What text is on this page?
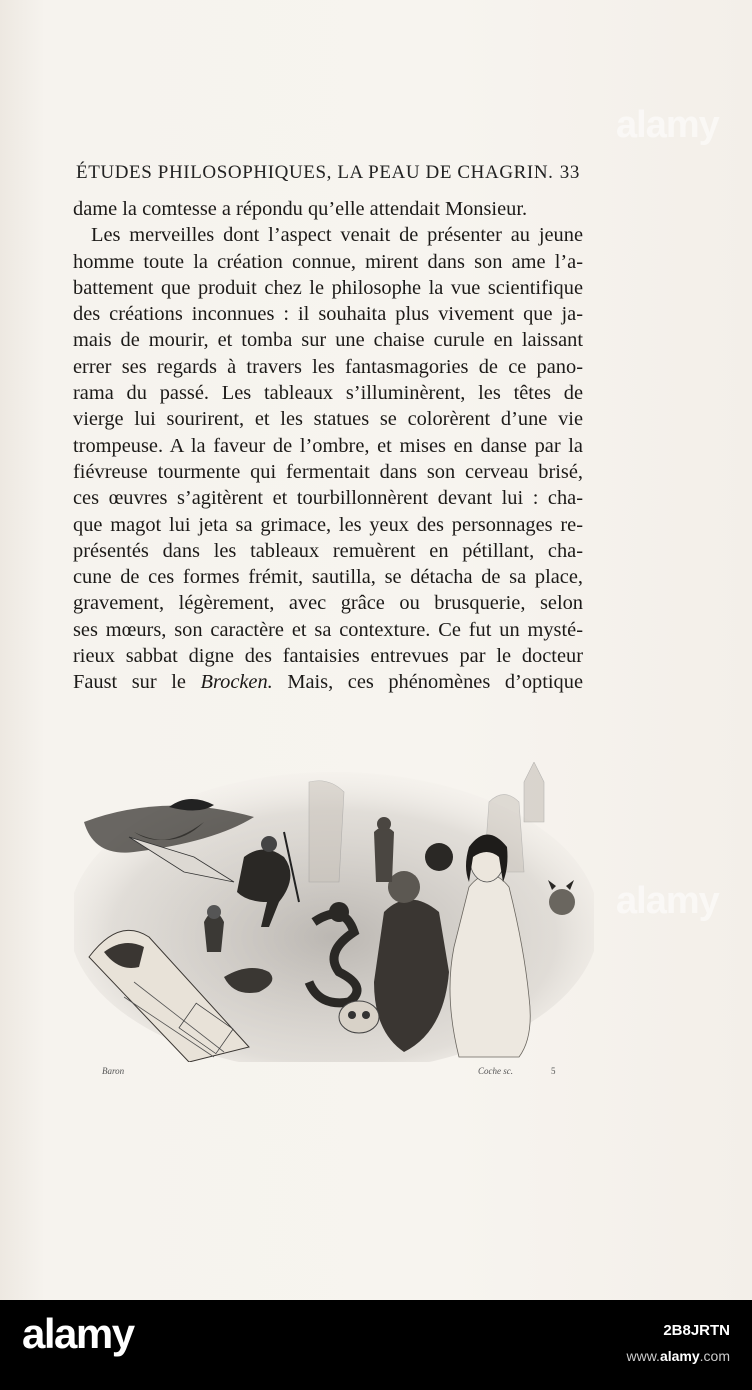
ÉTUDES PHILOSOPHIQUES, LA PEAU DE CHAGRIN. 33
dame la comtesse a répondu qu’elle attendait Monsieur.
Les merveilles dont l’aspect venait de présenter au jeune
homme toute la création connue, mirent dans son ame l’a-
battement que produit chez le philosophe la vue scientifique
des créations inconnues : il souhaita plus vivement que ja-
mais de mourir, et tomba sur une chaise curule en laissant
errer ses regards à travers les fantasmagories de ce pano-
rama du passé. Les tableaux s’illuminèrent, les têtes de
vierge lui sourirent, et les statues se colorèrent d’une vie
trompeuse. A la faveur de l’ombre, et mises en danse par la
fiévreuse tourmente qui fermentait dans son cerveau brisé,
ces œuvres s’agitèrent et tourbillonnèrent devant lui : cha-
que magot lui jeta sa grimace, les yeux des personnages re-
présentés dans les tableaux remuèrent en pétillant, cha-
cune de ces formes frémit, sautilla, se détacha de sa place,
gravement, légèrement, avec grâce ou brusquerie, selon
ses mœurs, son caractère et sa contexture. Ce fut un mysté-
rieux sabbat digne des fantaisies entrevues par le docteur
Faust sur le Brocken. Mais, ces phénomènes d’optique
Baron	Coche sc.	5
alamy
alamy
alamy	2B8JRTN
www.alamy.com
